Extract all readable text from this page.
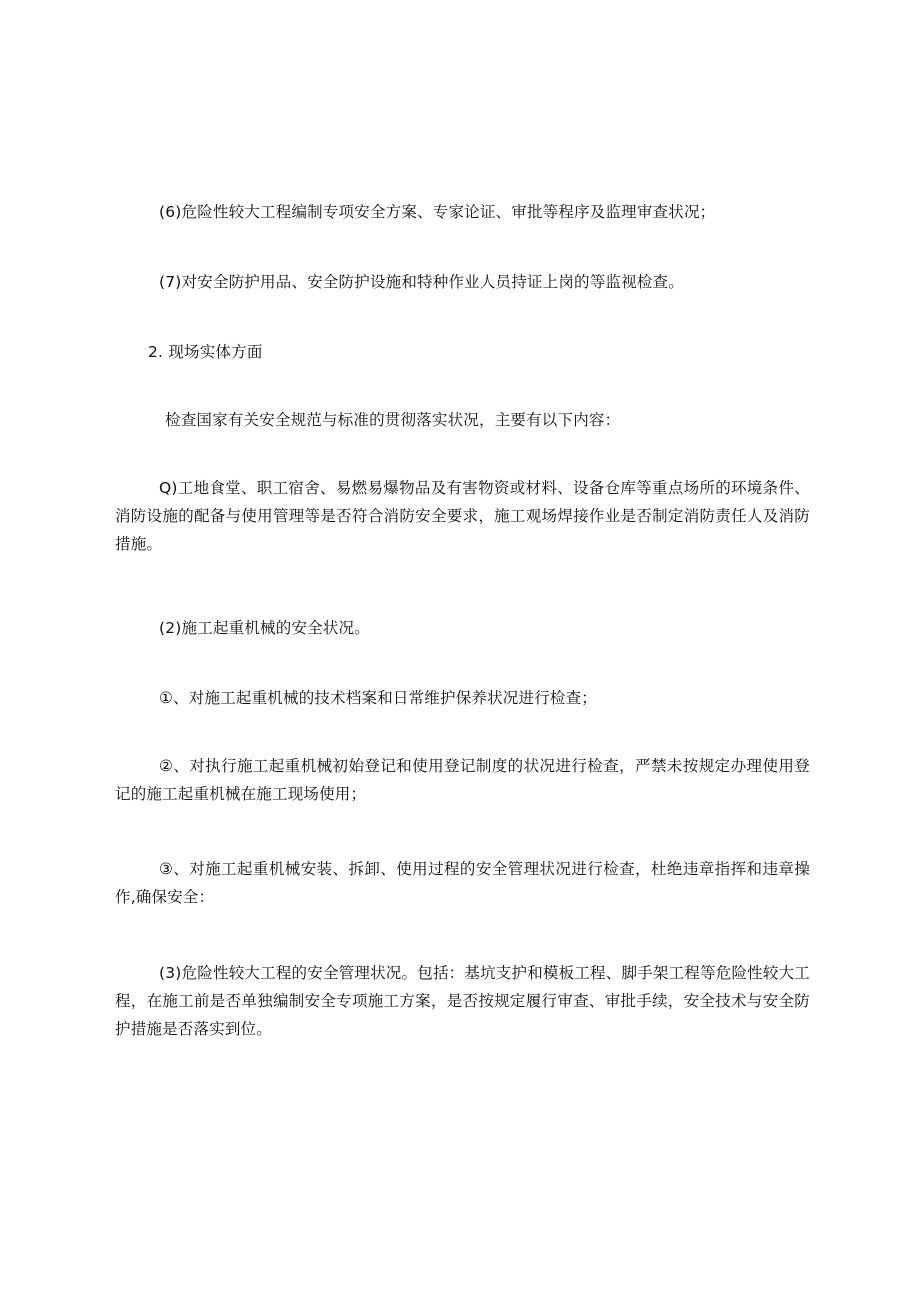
(6)危险性较大工程编制专项安全方案、专家论证、审批等程序及监理审查状况；

(7)对安全防护用品、安全防护设施和特种作业人员持证上岗的等监视检查。

2. 现场实体方面

检查国家有关安全规范与标准的贯彻落实状况，主要有以下内容：

Q)工地食堂、职工宿舍、易燃易爆物品及有害物资或材料、设备仓库等重点场所的环境条件、消防设施的配备与使用管理等是否符合消防安全要求，施工观场焊接作业是否制定消防责任人及消防措施。

(2)施工起重机械的安全状况。

①、对施工起重机械的技术档案和日常维护保养状况进行检查；

②、对执行施工起重机械初始登记和使用登记制度的状况进行检查，严禁未按规定办理使用登记的施工起重机械在施工现场使用；

③、对施工起重机械安装、拆卸、使用过程的安全管理状况进行检查，杜绝违章指挥和违章操作,确保安全：

(3)危险性较大工程的安全管理状况。包括：基坑支护和模板工程、脚手架工程等危险性较大工程，在施工前是否单独编制安全专项施工方案，是否按规定履行审查、审批手续，安全技术与安全防护措施是否落实到位。
